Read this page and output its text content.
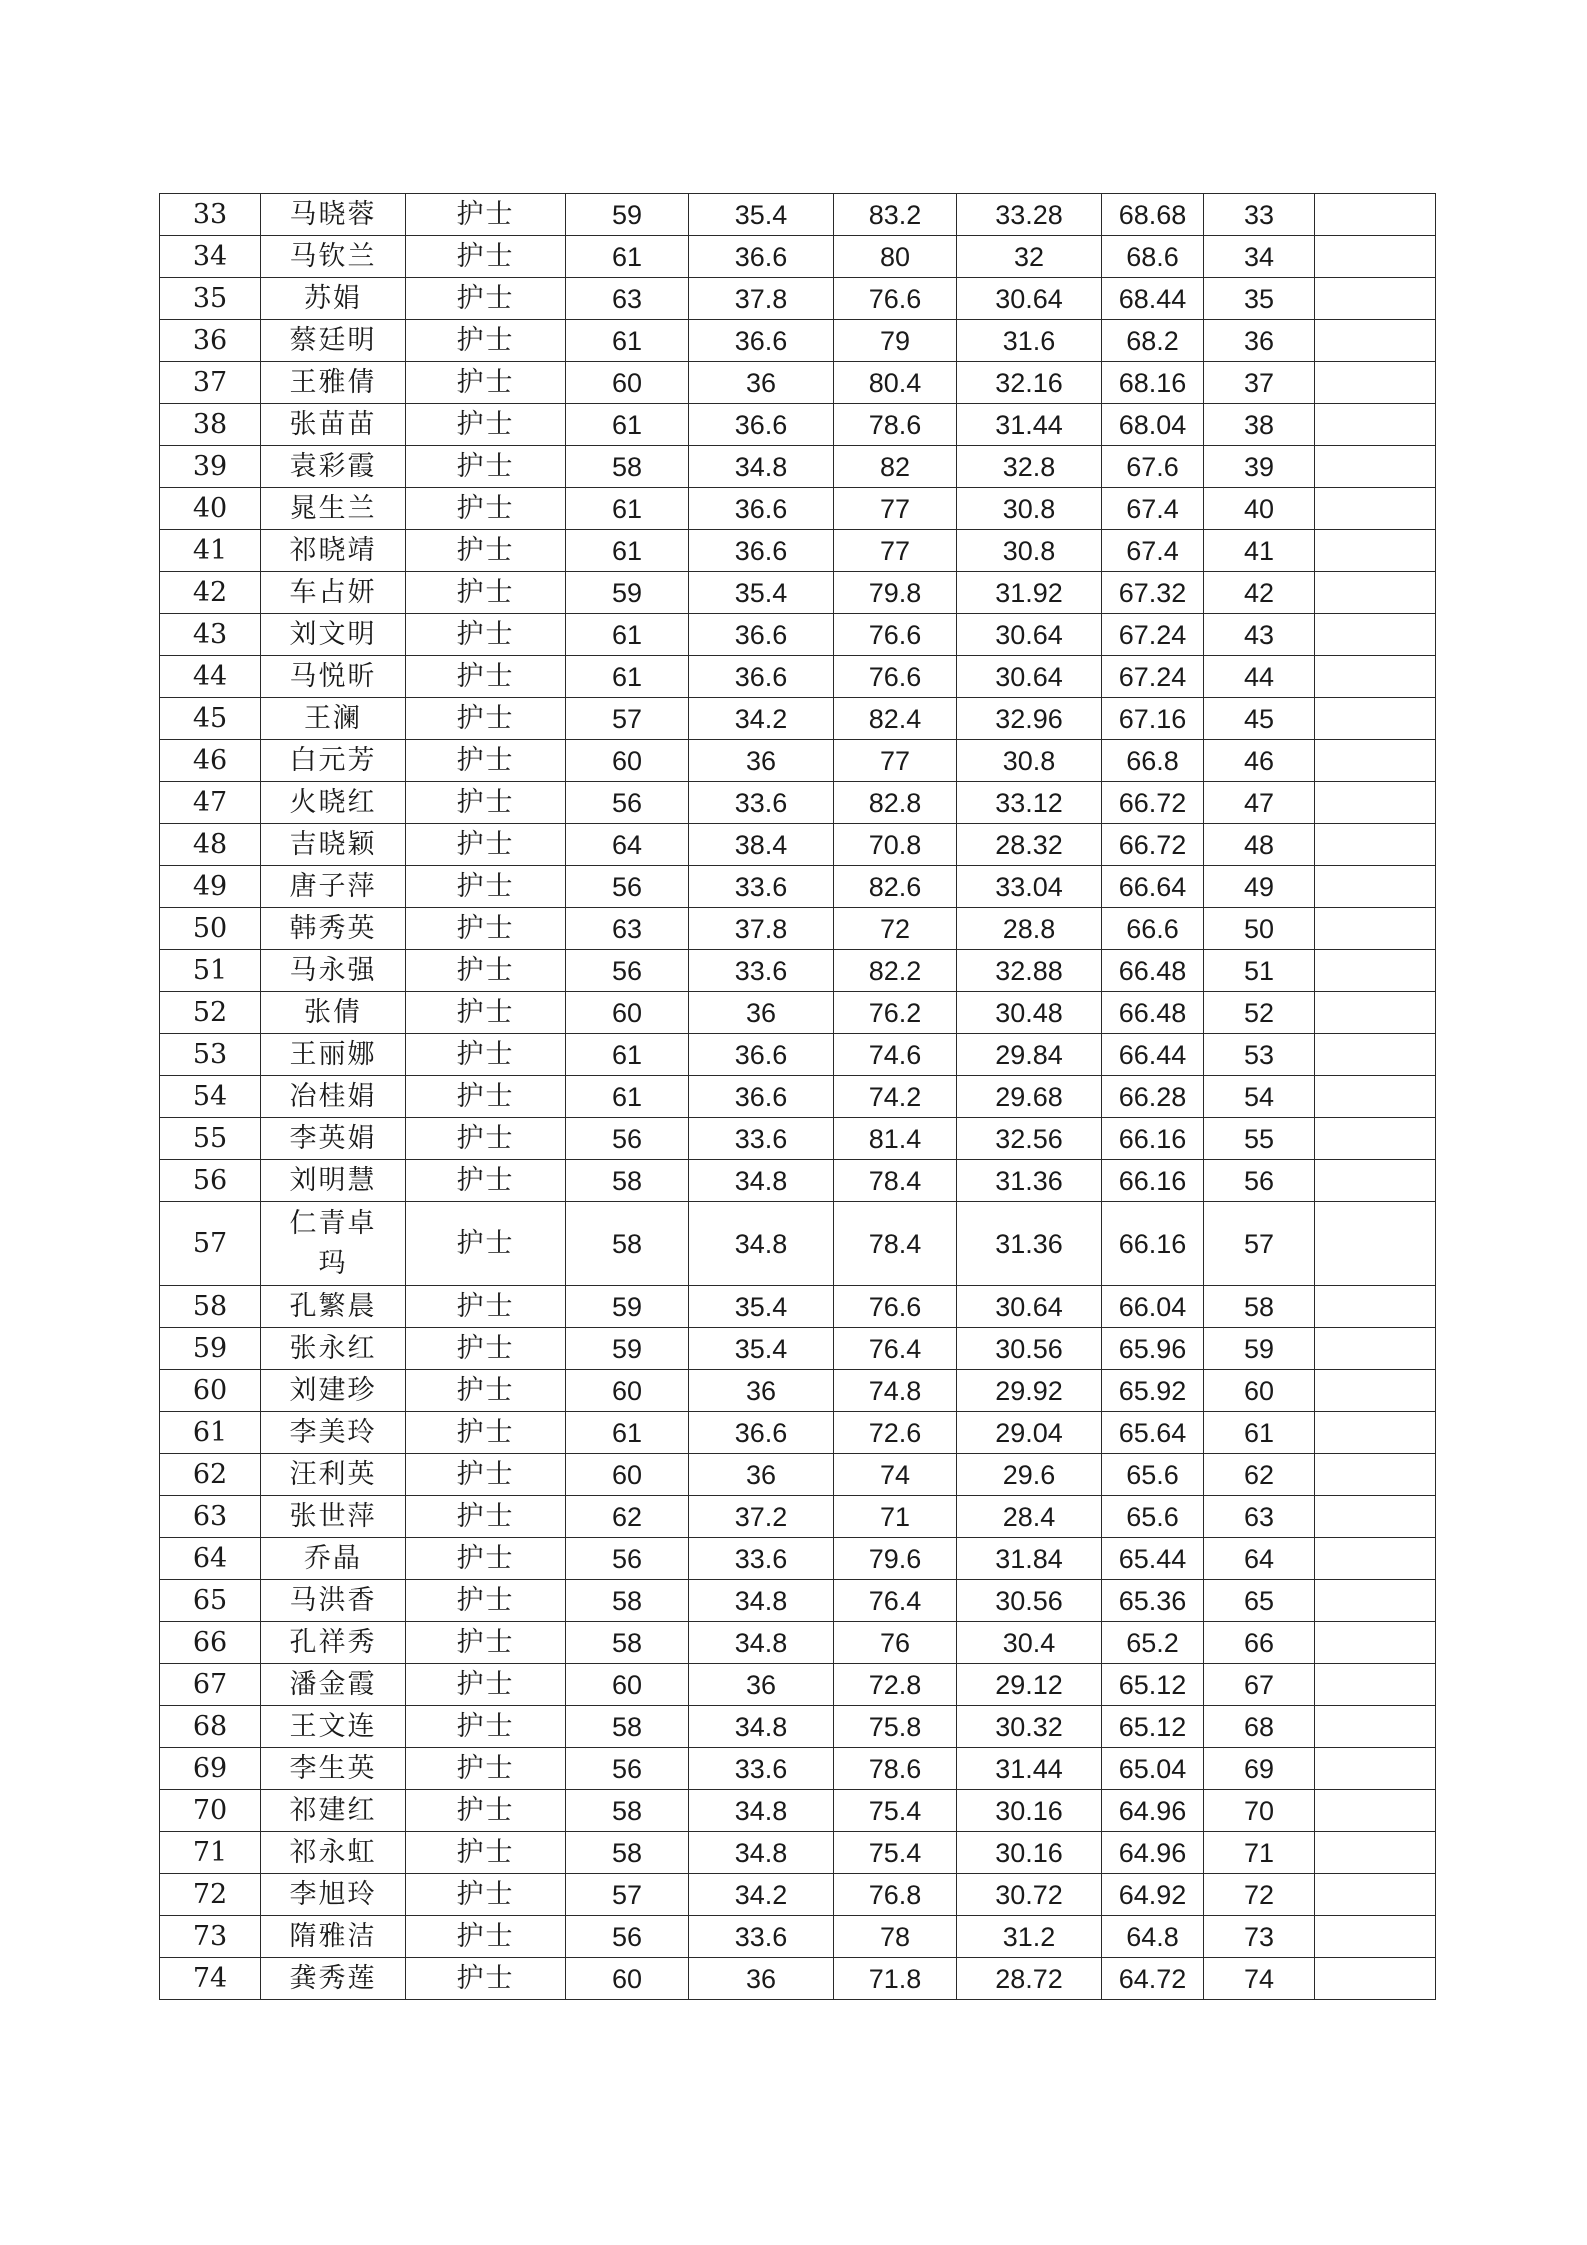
33	马晓蓉	护士	59	35.4	83.2	33.28	68.68	33	
34	马钦兰	护士	61	36.6	80	32	68.6	34	
35	苏娟	护士	63	37.8	76.6	30.64	68.44	35	
36	蔡廷明	护士	61	36.6	79	31.6	68.2	36	
37	王雅倩	护士	60	36	80.4	32.16	68.16	37	
38	张苗苗	护士	61	36.6	78.6	31.44	68.04	38	
39	袁彩霞	护士	58	34.8	82	32.8	67.6	39	
40	晁生兰	护士	61	36.6	77	30.8	67.4	40	
41	祁晓靖	护士	61	36.6	77	30.8	67.4	41	
42	车占妍	护士	59	35.4	79.8	31.92	67.32	42	
43	刘文明	护士	61	36.6	76.6	30.64	67.24	43	
44	马悦昕	护士	61	36.6	76.6	30.64	67.24	44	
45	王澜	护士	57	34.2	82.4	32.96	67.16	45	
46	白元芳	护士	60	36	77	30.8	66.8	46	
47	火晓红	护士	56	33.6	82.8	33.12	66.72	47	
48	吉晓颖	护士	64	38.4	70.8	28.32	66.72	48	
49	唐子萍	护士	56	33.6	82.6	33.04	66.64	49	
50	韩秀英	护士	63	37.8	72	28.8	66.6	50	
51	马永强	护士	56	33.6	82.2	32.88	66.48	51	
52	张倩	护士	60	36	76.2	30.48	66.48	52	
53	王丽娜	护士	61	36.6	74.6	29.84	66.44	53	
54	冶桂娟	护士	61	36.6	74.2	29.68	66.28	54	
55	李英娟	护士	56	33.6	81.4	32.56	66.16	55	
56	刘明慧	护士	58	34.8	78.4	31.36	66.16	56	
57	仁青卓玛	护士	58	34.8	78.4	31.36	66.16	57	
58	孔繁晨	护士	59	35.4	76.6	30.64	66.04	58	
59	张永红	护士	59	35.4	76.4	30.56	65.96	59	
60	刘建珍	护士	60	36	74.8	29.92	65.92	60	
61	李美玲	护士	61	36.6	72.6	29.04	65.64	61	
62	汪利英	护士	60	36	74	29.6	65.6	62	
63	张世萍	护士	62	37.2	71	28.4	65.6	63	
64	乔晶	护士	56	33.6	79.6	31.84	65.44	64	
65	马洪香	护士	58	34.8	76.4	30.56	65.36	65	
66	孔祥秀	护士	58	34.8	76	30.4	65.2	66	
67	潘金霞	护士	60	36	72.8	29.12	65.12	67	
68	王文连	护士	58	34.8	75.8	30.32	65.12	68	
69	李生英	护士	56	33.6	78.6	31.44	65.04	69	
70	祁建红	护士	58	34.8	75.4	30.16	64.96	70	
71	祁永虹	护士	58	34.8	75.4	30.16	64.96	71	
72	李旭玲	护士	57	34.2	76.8	30.72	64.92	72	
73	隋雅洁	护士	56	33.6	78	31.2	64.8	73	
74	龚秀莲	护士	60	36	71.8	28.72	64.72	74	
